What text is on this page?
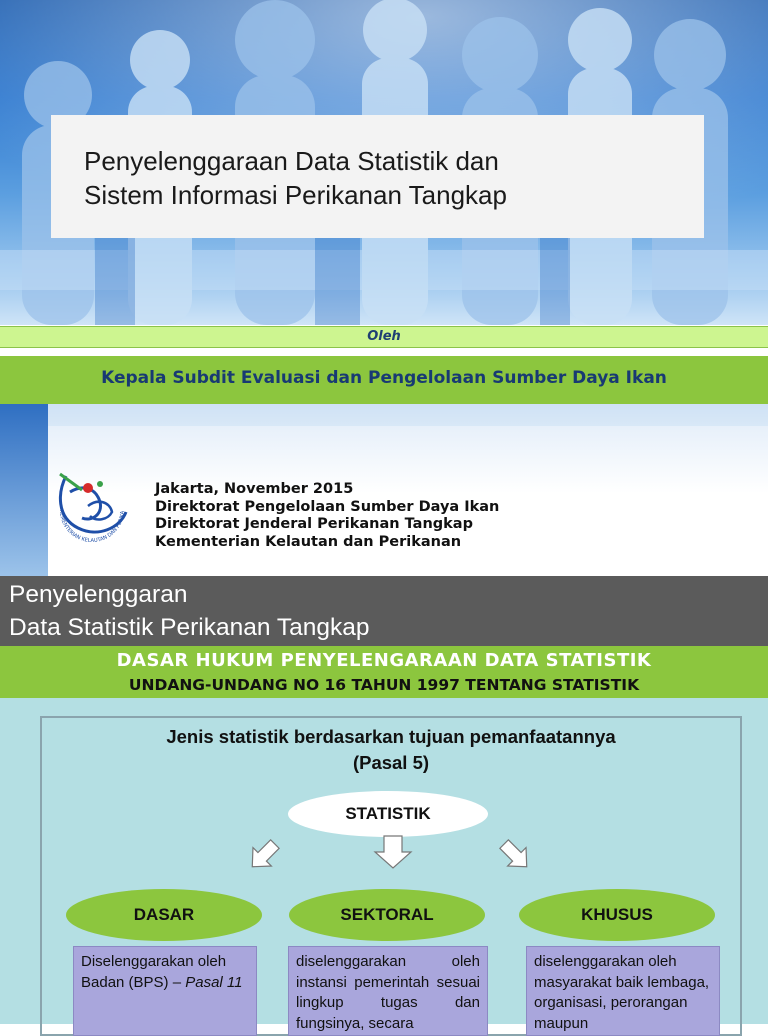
Penyelenggaraan Data Statistik dan
Sistem Informasi Perikanan Tangkap
Oleh
Kepala Subdit Evaluasi dan Pengelolaan Sumber Daya Ikan
KEMENTERIAN KELAUTAN DAN PERIKA
Jakarta, November 2015
Direktorat Pengelolaan Sumber Daya Ikan
Direktorat Jenderal Perikanan Tangkap
Kementerian Kelautan dan Perikanan
Penyelenggaran
Data Statistik Perikanan Tangkap
DASAR HUKUM PENYELENGARAAN DATA STATISTIK
UNDANG-UNDANG NO 16 TAHUN 1997 TENTANG STATISTIK
Jenis statistik berdasarkan tujuan pemanfaatannya
(Pasal 5)
STATISTIK
DASAR	SEKTORAL	KHUSUS
Diselenggarakan oleh Badan (BPS) – Pasal 11
diselenggarakan oleh instansi pemerintah sesuai lingkup tugas dan fungsinya, secara
diselenggarakan oleh masyarakat baik lembaga, organisasi, perorangan maupun
